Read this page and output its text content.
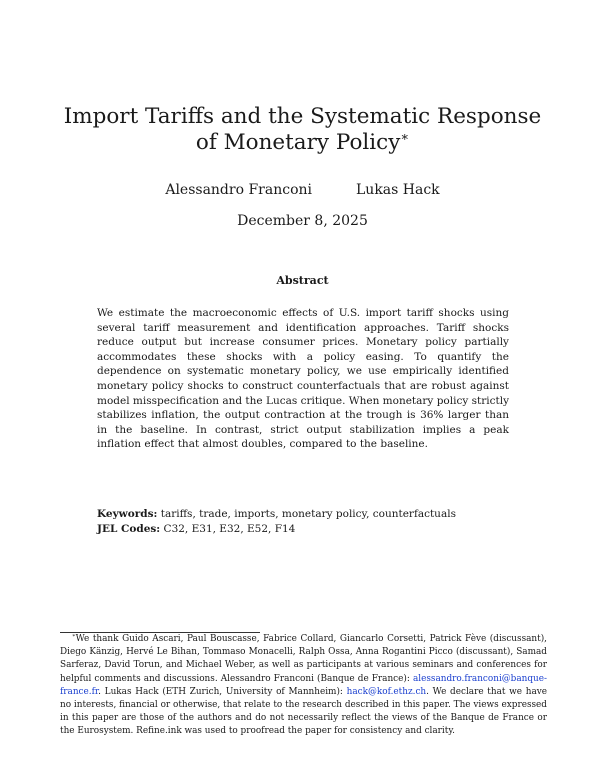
Import Tariffs and the Systematic Response of Monetary Policy∗
Alessandro Franconi	Lukas Hack
December 8, 2025
Abstract

We estimate the macroeconomic effects of U.S. import tariff shocks using several tariff measurement and identification approaches. Tariff shocks reduce output but increase consumer prices. Monetary policy partially accommodates these shocks with a policy easing. To quantify the dependence on systematic monetary policy, we use empirically identified monetary policy shocks to construct counterfactuals that are robust against model misspecification and the Lucas critique. When monetary policy strictly stabilizes inflation, the output contraction at the trough is 36% larger than in the baseline. In contrast, strict output stabilization implies a peak inflation effect that almost doubles, compared to the baseline.

Keywords: tariffs, trade, imports, monetary policy, counterfactuals
JEL Codes: C32, E31, E32, E52, F14

∗We thank Guido Ascari, Paul Bouscasse, Fabrice Collard, Giancarlo Corsetti, Patrick Fève (discussant), Diego Känzig, Hervé Le Bihan, Tommaso Monacelli, Ralph Ossa, Anna Rogantini Picco (discussant), Samad Sarferaz, David Torun, and Michael Weber, as well as participants at various seminars and conferences for helpful comments and discussions. Alessandro Franconi (Banque de France): alessandro.franconi@banque-france.fr. Lukas Hack (ETH Zurich, University of Mannheim): hack@kof.ethz.ch. We declare that we have no interests, financial or otherwise, that relate to the research described in this paper. The views expressed in this paper are those of the authors and do not necessarily reflect the views of the Banque de France or the Eurosystem. Refine.ink was used to proofread the paper for consistency and clarity.
